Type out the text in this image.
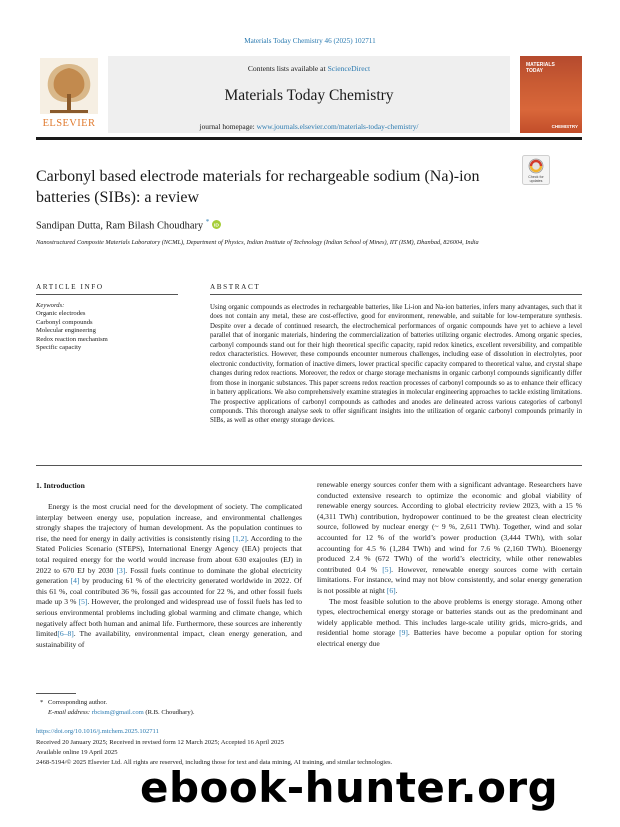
Materials Today Chemistry 46 (2025) 102711
ELSEVIER
Contents lists available at ScienceDirect
Materials Today Chemistry
journal homepage: www.journals.elsevier.com/materials-today-chemistry/
MATERIALS TODAY
CHEMISTRY
Carbonyl based electrode materials for rechargeable sodium (Na)-ion batteries (SIBs): a review
Check for
updates
Sandipan Dutta, Ram Bilash Choudhary *
iD
Nanostructured Composite Materials Laboratory (NCML), Department of Physics, Indian Institute of Technology (Indian School of Mines), IIT (ISM), Dhanbad, 826004, India
ARTICLE INFO	ABSTRACT
Keywords:
Organic electrodes
Carbonyl compounds
Molecular engineering
Redox reaction mechanism
Specific capacity
Using organic compounds as electrodes in rechargeable batteries, like Li-ion and Na-ion batteries, infers many advantages, such that it does not contain any metal, these are cost-effective, good for environment, renewable, and suitable for low-temperature synthesis. Despite over a decade of continued research, the electrochemical performances of organic compounds have yet to achieve a level parallel that of inorganic materials, hindering the commercialization of batteries utilizing organic electrodes. Among organic species, carbonyl compounds stand out for their high theoretical specific capacity, rapid redox kinetics, excellent reversibility, and compatible redox characteristics. However, these compounds encounter numerous challenges, including ease of dissolution in electrolytes, poor electronic conductivity, formation of inactive dimers, lower practical specific capacity compared to theoretical value, and crystal shape changes during redox reactions. Moreover, the redox or charge storage mechanisms in organic carbonyl compounds significantly differ from those in inorganic substances. This paper screens redox reaction processes of carbonyl compounds so as to enhance their efficacy in battery applications. We also comprehensively examine strategies in molecular engineering approaches to tackle existing limitations. The prospective applications of carbonyl compounds as cathodes and anodes are delineated across various categories of carbonyl compounds. This thorough analyse seek to offer significant insights into the utilization of organic carbonyl compounds primarily in SIBs, as well as other energy storage devices.
1. Introduction

Energy is the most crucial need for the development of society. The complicated interplay between energy use, population increase, and environmental challenges strongly shapes the trajectory of human development. As the population continues to rise, the need for energy in daily activities is consistently rising [1,2]. According to the Stated Policies Scenario (STEPS), International Energy Agency (IEA) projects that total required energy for the world would increase from about 630 exajoules (EJ) in 2022 to 670 EJ by 2030 [3]. Fossil fuels continue to dominate the global electricity generation [4] by producing 61 % of the electricity generated worldwide in 2022. Of this 61 %, coal contributed 36 %, fossil gas accounted for 22 %, and other fossil fuels made up 3 % [5]. However, the prolonged and widespread use of fossil fuels has led to serious environmental problems including global warming and climate change, which negatively affect both human and animal life. Furthermore, these sources are inherently limited[6–8]. The availability, environmental impact, clean energy generation, and sustainability of

renewable energy sources confer them with a significant advantage. Researchers have conducted extensive research to optimize the economic and global viability of renewable energy sources. According to global electricity review 2023, with a 15 % (4,311 TWh) contribution, hydropower continued to be the greatest clean electricity source, followed by nuclear energy (~ 9 %, 2,611 TWh). Together, wind and solar accounted for 12 % of the world’s power production (3,444 TWh), with solar accounting for 4.5 % (1,284 TWh) and wind for 7.6 % (2,160 TWh). Bioenergy produced 2.4 % (672 TWh) of the world’s electricity, while other renewables contributed 0.4 % [5]. However, renewable energy sources come with certain limitations. For instance, wind may not blow consistently, and solar energy generation is not possible at night [6].

The most feasible solution to the above problems is energy storage. Among other types, electrochemical energy storage or batteries stands out as the predominant and widely applicable method. This includes large-scale utility grids, micro-grids, and residential home storage [9]. Batteries have become a popular option for storing electrical energy due

* Corresponding author.
E-mail address: rbcism@gmail.com (R.B. Choudhary).
https://doi.org/10.1016/j.mtchem.2025.102711
Received 20 January 2025; Received in revised form 12 March 2025; Accepted 16 April 2025
Available online 19 April 2025
2468-5194/© 2025 Elsevier Ltd. All rights are reserved, including those for text and data mining, AI training, and similar technologies.
ebook-hunter.org
